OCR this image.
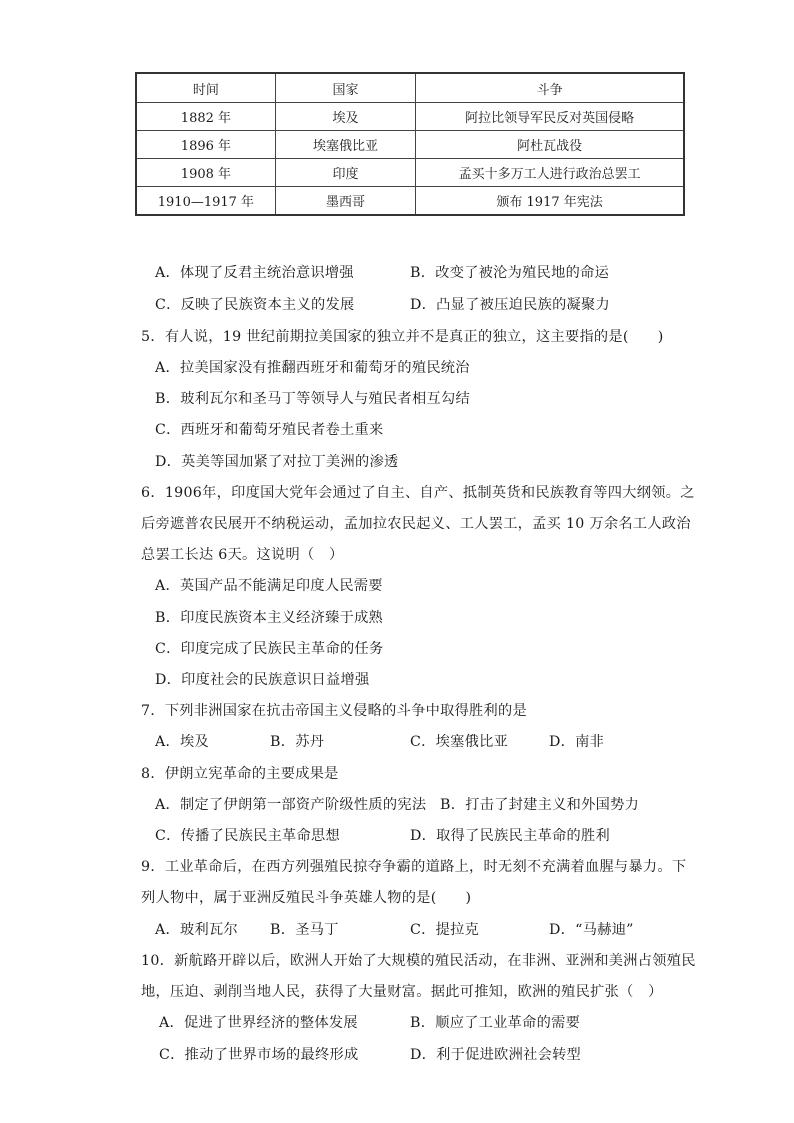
时间	国家	斗争
1882 年	埃及	阿拉比领导军民反对英国侵略
1896 年	埃塞俄比亚	阿杜瓦战役
1908 年	印度	孟买十多万工人进行政治总罢工
1910—1917 年	墨西哥	颁布 1917 年宪法
A．体现了反君主统治意识增强	B．改变了被沦为殖民地的命运
C．反映了民族资本主义的发展	D．凸显了被压迫民族的凝聚力
5．有人说，19 世纪前期拉美国家的独立并不是真正的独立，这主要指的是(　　)
A．拉美国家没有推翻西班牙和葡萄牙的殖民统治
B．玻利瓦尔和圣马丁等领导人与殖民者相互勾结
C．西班牙和葡萄牙殖民者卷土重来
D．英美等国加紧了对拉丁美洲的渗透
6．1906年，印度国大党年会通过了自主、自产、抵制英货和民族教育等四大纲领。之
后旁遮普农民展开不纳税运动，孟加拉农民起义、工人罢工，孟买 10 万余名工人政治
总罢工长达 6天。这说明（　）
A．英国产品不能满足印度人民需要
B．印度民族资本主义经济臻于成熟
C．印度完成了民族民主革命的任务
D．印度社会的民族意识日益增强
7．下列非洲国家在抗击帝国主义侵略的斗争中取得胜利的是
A．埃及	B．苏丹	C．埃塞俄比亚	D．南非
8．伊朗立宪革命的主要成果是
A．制定了伊朗第一部资产阶级性质的宪法 B．打击了封建主义和外国势力
C．传播了民族民主革命思想	D．取得了民族民主革命的胜利
9．工业革命后，在西方列强殖民掠夺争霸的道路上，时无刻不充满着血腥与暴力。下
列人物中，属于亚洲反殖民斗争英雄人物的是(　　)
A．玻利瓦尔 B．圣马丁	C．提拉克	D．“马赫迪”
10．新航路开辟以后，欧洲人开始了大规模的殖民活动，在非洲、亚洲和美洲占领殖民
地，压迫、剥削当地人民，获得了大量财富。据此可推知，欧洲的殖民扩张（　）
A．促进了世界经济的整体发展	B．顺应了工业革命的需要
C．推动了世界市场的最终形成	D．利于促进欧洲社会转型
